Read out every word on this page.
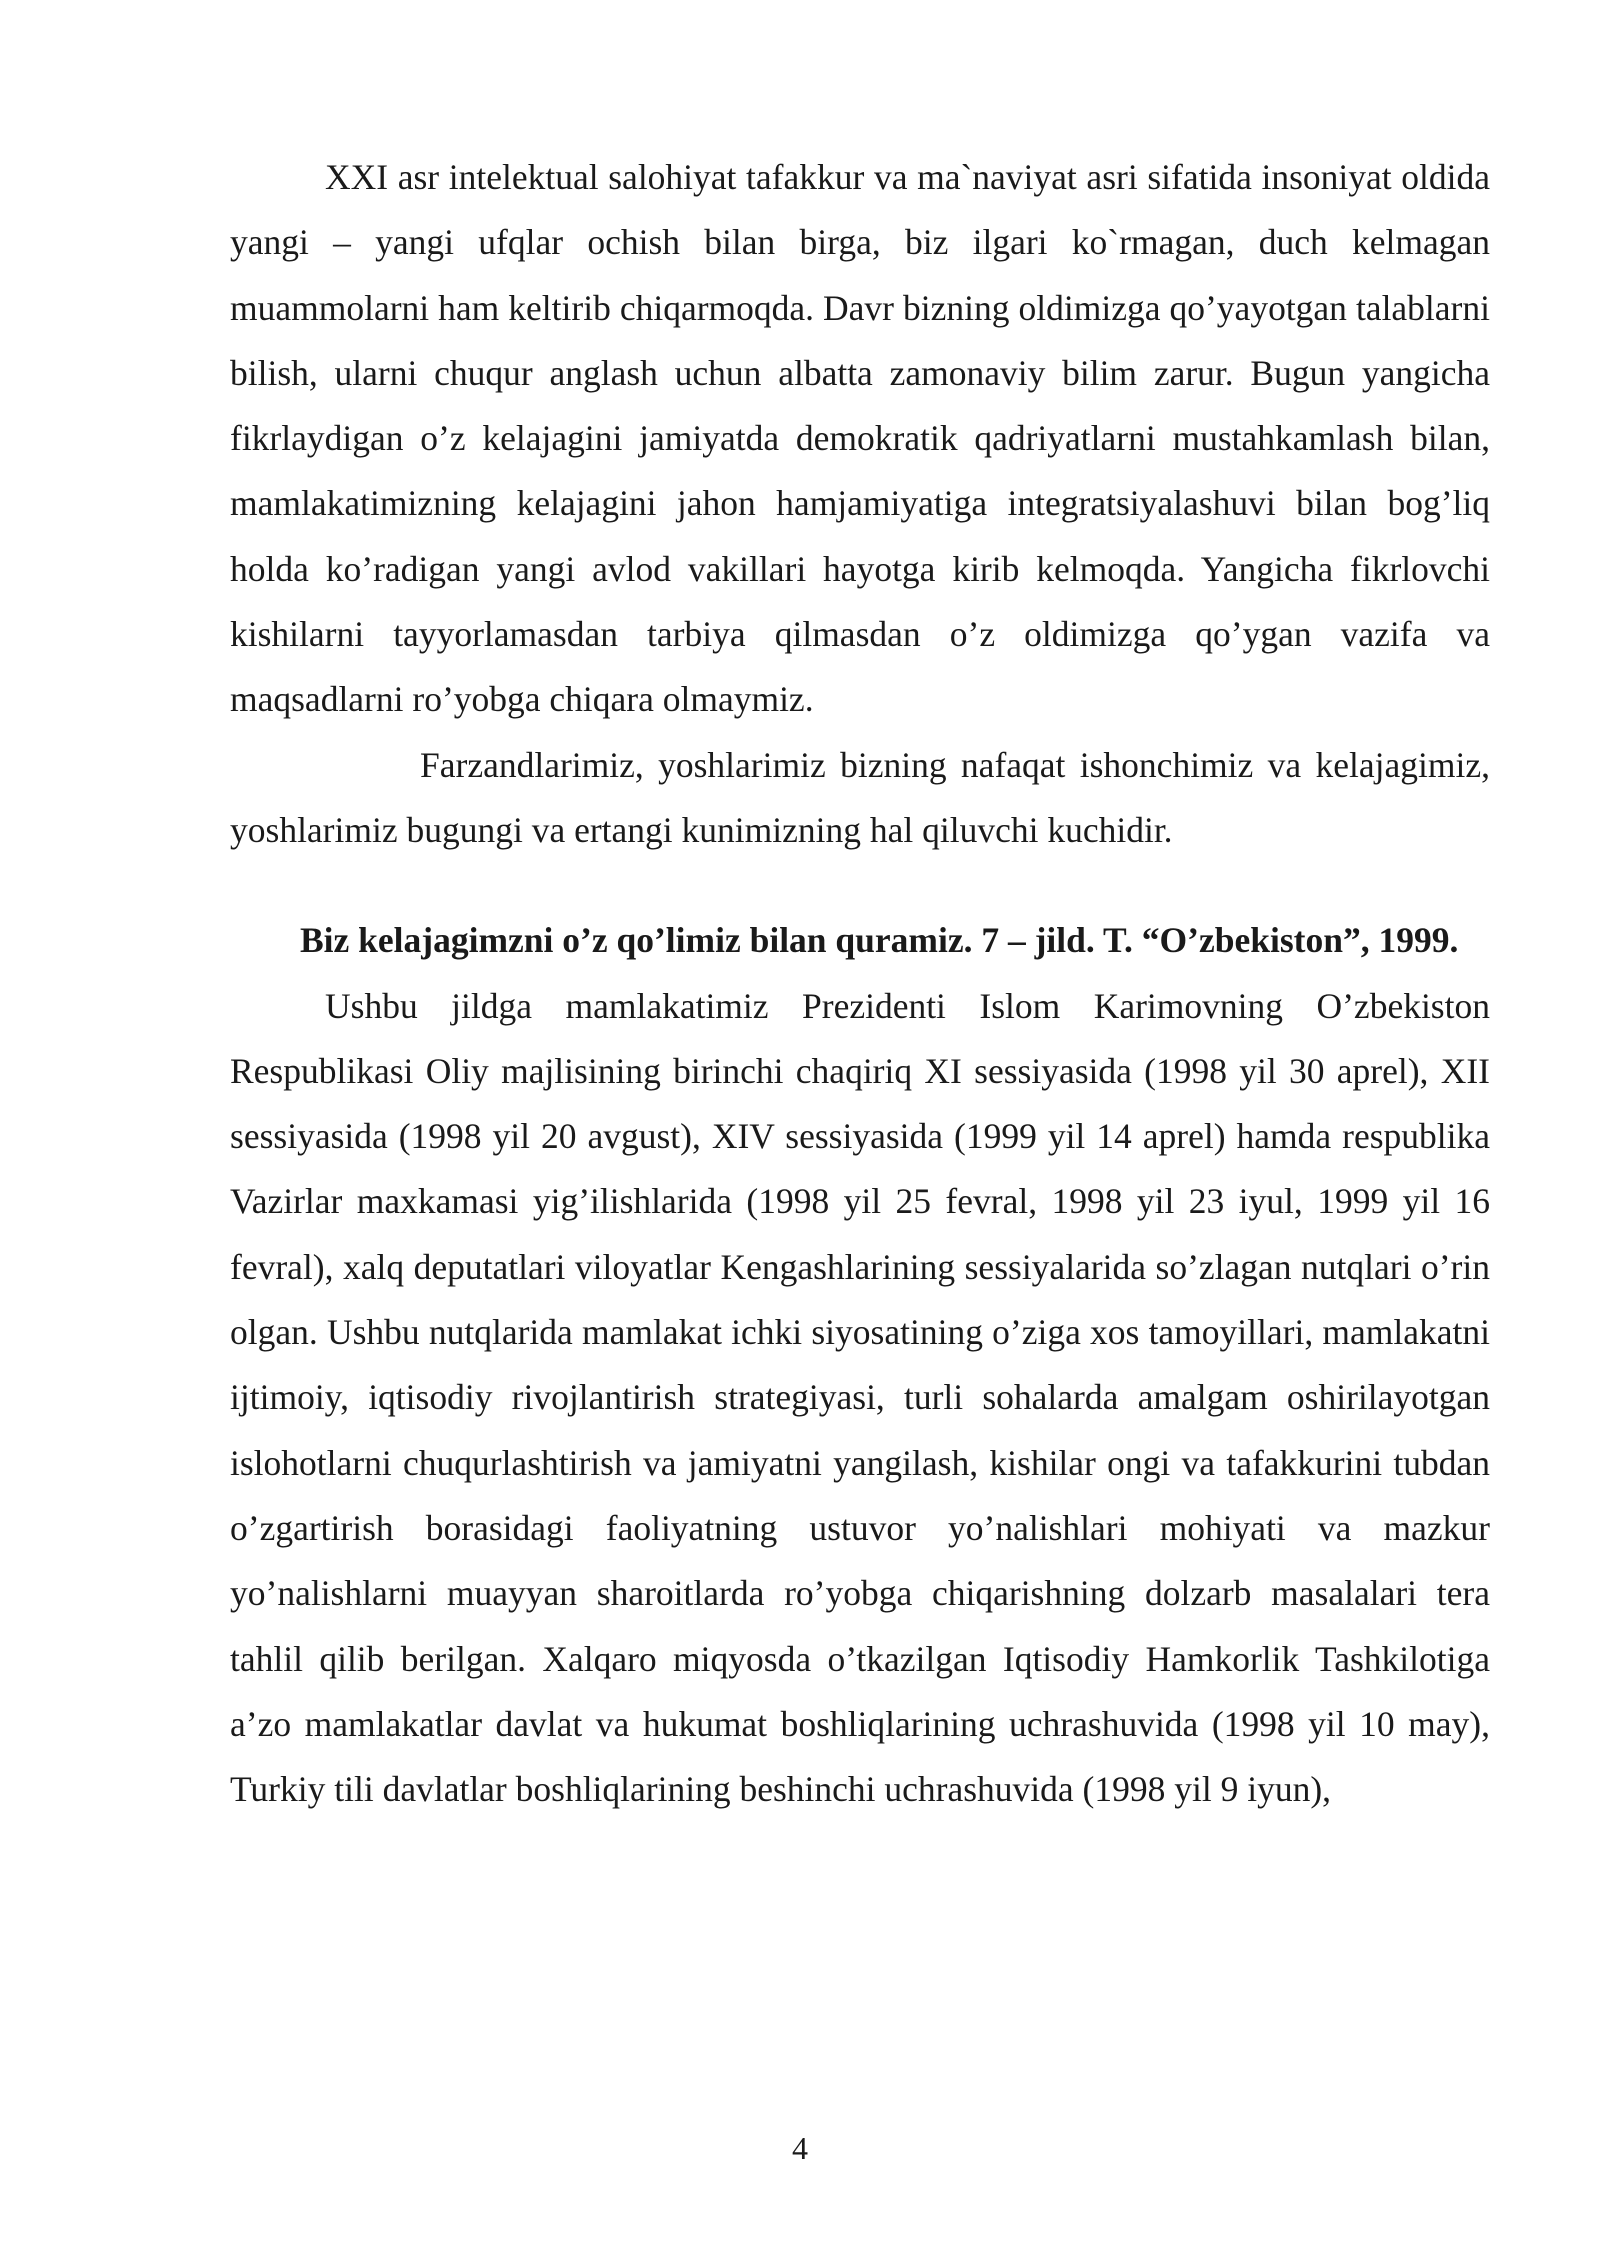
XXI asr intelektual salohiyat tafakkur va ma`naviyat asri sifatida insoniyat oldida yangi – yangi ufqlar ochish bilan birga, biz ilgari ko`rmagan, duch kelmagan muammolarni ham keltirib chiqarmoqda. Davr bizning oldimizga qo’yayotgan talablarni bilish, ularni chuqur anglash uchun albatta zamonaviy bilim zarur. Bugun yangicha fikrlaydigan o’z kelajagini jamiyatda demokratik qadriyatlarni mustahkamlash bilan, mamlakatimizning kelajagini jahon hamjamiyatiga integratsiyalashuvi bilan bog’liq holda ko’radigan yangi avlod vakillari hayotga kirib kelmoqda. Yangicha fikrlovchi kishilarni tayyorlamasdan tarbiya qilmasdan o’z oldimizga qo’ygan vazifa va maqsadlarni ro’yobga chiqara olmaymiz.

Farzandlarimiz, yoshlarimiz bizning nafaqat ishonchimiz va kelajagimiz, yoshlarimiz bugungi va ertangi kunimizning hal qiluvchi kuchidir.

Biz kelajagimzni o’z qo’limiz bilan quramiz. 7 – jild. T. “O’zbekiston”, 1999.

Ushbu jildga mamlakatimiz Prezidenti Islom Karimovning O’zbekiston Respublikasi Oliy majlisining birinchi chaqiriq XI sessiyasida (1998 yil 30 aprel), XII sessiyasida (1998 yil 20 avgust), XIV sessiyasida (1999 yil 14 aprel) hamda respublika Vazirlar maxkamasi yig’ilishlarida (1998 yil 25 fevral, 1998 yil 23 iyul, 1999 yil 16 fevral), xalq deputatlari viloyatlar Kengashlarining sessiyalarida so’zlagan nutqlari o’rin olgan. Ushbu nutqlarida mamlakat ichki siyosatining o’ziga xos tamoyillari, mamlakatni ijtimoiy, iqtisodiy rivojlantirish strategiyasi, turli sohalarda amalgam oshirilayotgan islohotlarni chuqurlashtirish va jamiyatni yangilash, kishilar ongi va tafakkurini tubdan o’zgartirish borasidagi faoliyatning ustuvor yo’nalishlari mohiyati va mazkur yo’nalishlarni muayyan sharoitlarda ro’yobga chiqarishning dolzarb masalalari tera tahlil qilib berilgan. Xalqaro miqyosda o’tkazilgan Iqtisodiy Hamkorlik Tashkilotiga a’zo mamlakatlar davlat va hukumat boshliqlarining uchrashuvida (1998 yil 10 may), Turkiy tili davlatlar boshliqlarining beshinchi uchrashuvida (1998 yil 9 iyun),

4
